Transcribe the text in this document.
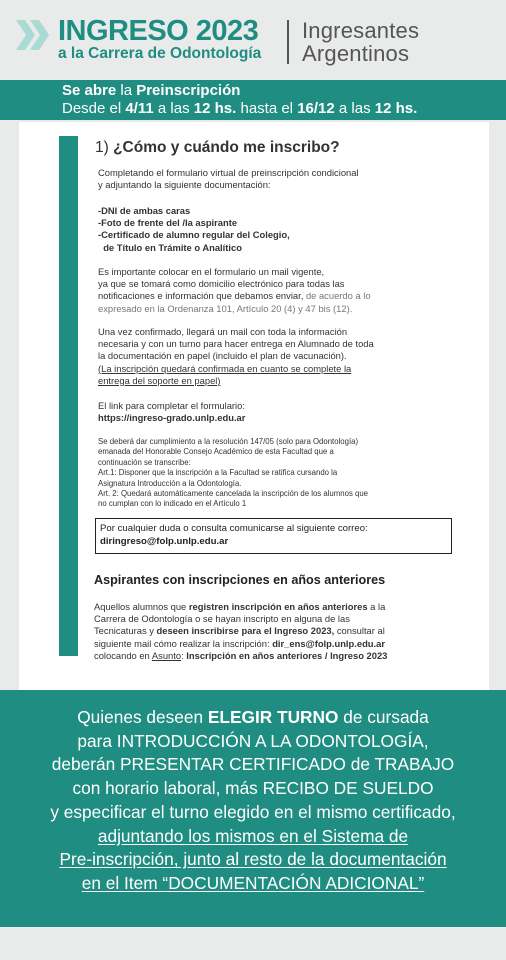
INGRESO 2023
a la Carrera de Odontología
Ingresantes
Argentinos
Se abre la Preinscripción
Desde el 4/11 a las 12 hs. hasta el 16/12 a las 12 hs.
1) ¿Cómo y cuándo me inscribo?
Completando el formulario virtual de preinscripción condicional
y adjuntando la siguiente documentación:
-DNI de ambas caras
-Foto de frente del /la aspirante
-Certificado de alumno regular del Colegio,
de Título en Trámite o Analítico
Es importante colocar en el formulario un mail vigente,
ya que se tomará como domicilio electrónico para todas las
notificaciones e información que debamos enviar, de acuerdo a lo
expresado en la Ordenanza 101, Artículo 20 (4) y 47 bis (12).
Una vez confirmado, llegará un mail con toda la información
necesaria y con un turno para hacer entrega en Alumnado de toda
la documentación en papel (incluido el plan de vacunación).
(La inscripción quedará confirmada en cuanto se complete la
entrega del soporte en papel)
El link para completar el formulario:
https://ingreso-grado.unlp.edu.ar
Se deberá dar cumplimiento a la resolución 147/05 (solo para Odontología)
emanada del Honorable Consejo Académico de esta Facultad que a
continuación se transcribe:
Art.1: Disponer que la inscripción a la Facultad se ratifica cursando la
Asignatura Introducción a la Odontología.
Art. 2: Quedará automáticamente cancelada la inscripción de los alumnos que
no cumplan con lo indicado en el Artículo 1
Por cualquier duda o consulta comunicarse al siguiente correo:
diringreso@folp.unlp.edu.ar
Aspirantes con inscripciones en años anteriores
Aquellos alumnos que registren inscripción en años anteriores a la
Carrera de Odontología o se hayan inscripto en alguna de las
Tecnicaturas y deseen inscribirse para el Ingreso 2023, consultar al
siguiente mail cómo realizar la inscripción: dir_ens@folp.unlp.edu.ar
colocando en Asunto: Inscripción en años anteriores / Ingreso 2023
Quienes deseen ELEGIR TURNO de cursada
para INTRODUCCIÓN A LA ODONTOLOGÍA,
deberán PRESENTAR CERTIFICADO de TRABAJO
con horario laboral, más RECIBO DE SUELDO
y especificar el turno elegido en el mismo certificado,
adjuntando los mismos en el Sistema de
Pre-inscripción, junto al resto de la documentación
en el Item “DOCUMENTACIÓN ADICIONAL”
